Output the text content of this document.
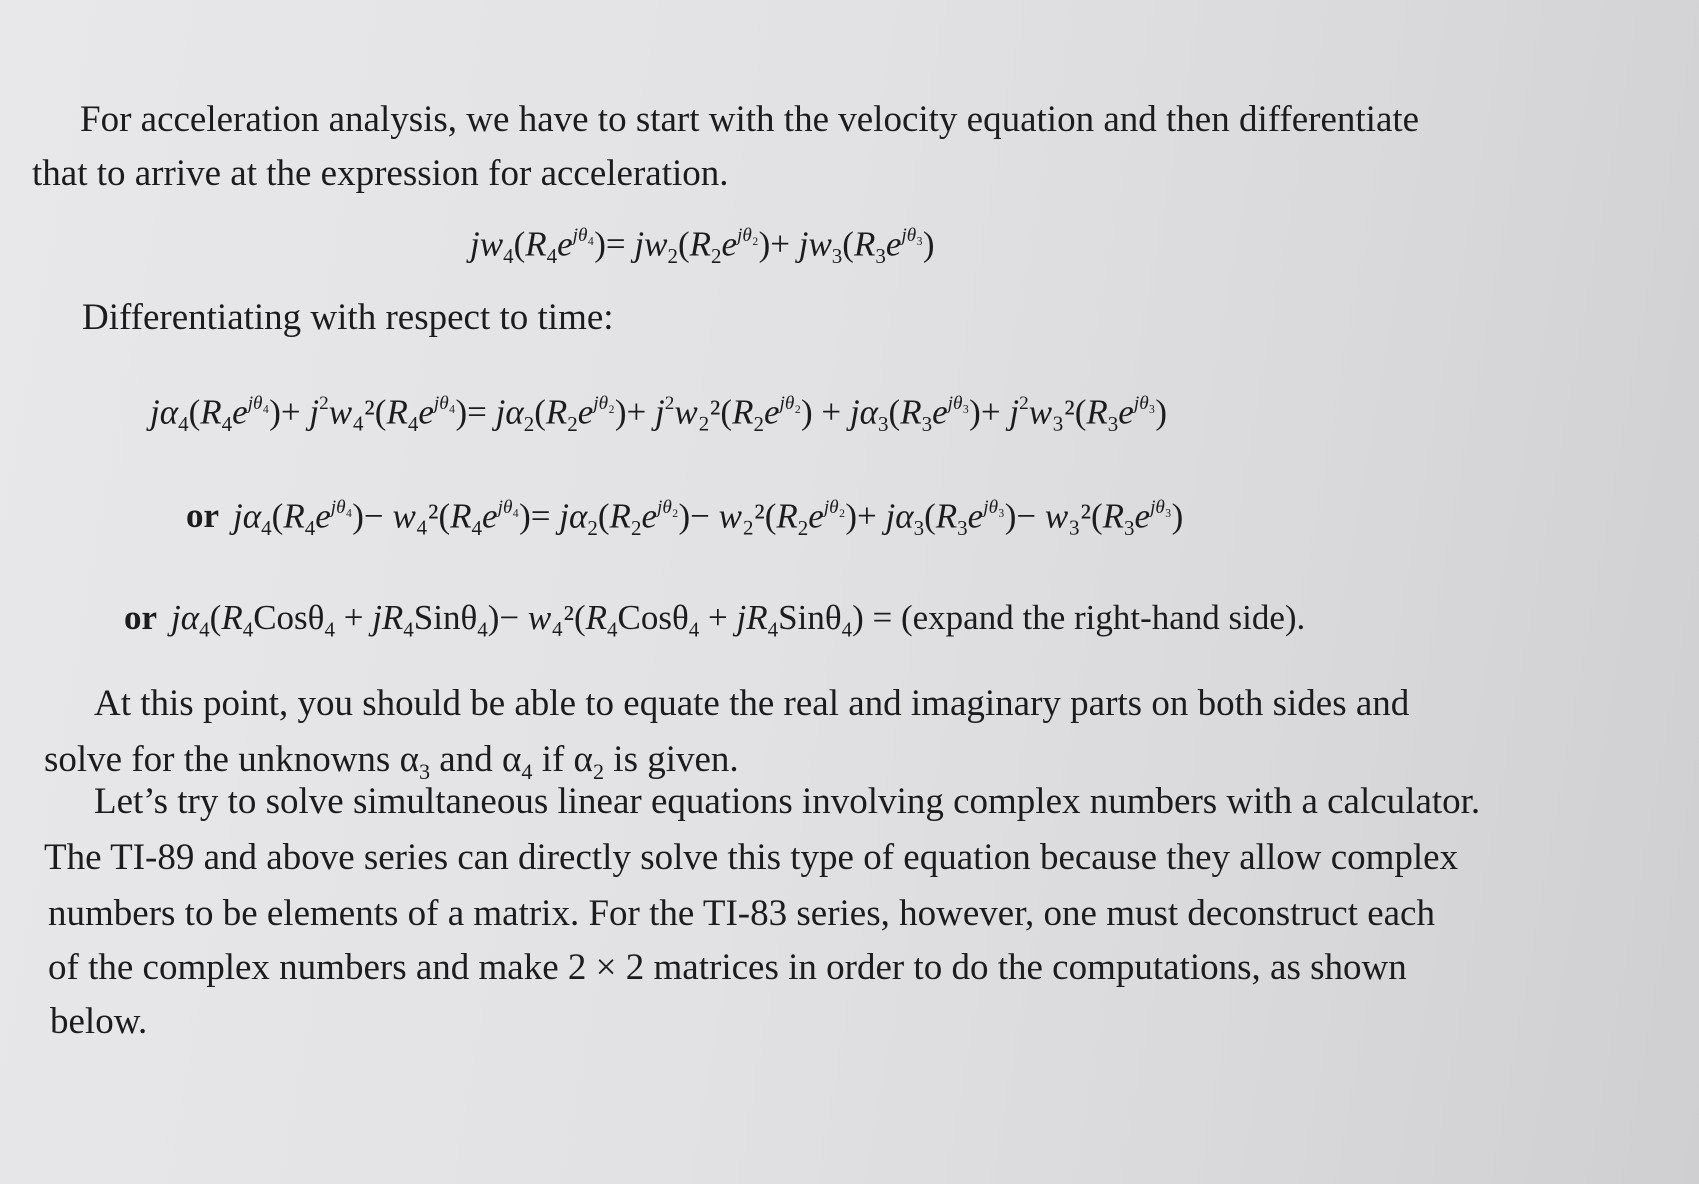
For acceleration analysis, we have to start with the velocity equation and then differentiate

that to arrive at the expression for acceleration.

$jw_4(R_4e^{j\theta_4})= jw_2(R_2e^{j\theta_2})+ jw_3(R_3e^{j\theta_3})$

Differentiating with respect to time:

$j\alpha_4(R_4e^{j\theta_4})+ j^2w_4^2(R_4e^{j\theta_4})= j\alpha_2(R_2e^{j\theta_2})+ j^2w_2^2(R_2e^{j\theta_2}) + j\alpha_3(R_3e^{j\theta_3})+ j^2w_3^2(R_3e^{j\theta_3})$
or $j\alpha_4(R_4e^{j\theta_4})- w_4^2(R_4e^{j\theta_4})= j\alpha_2(R_2e^{j\theta_2})- w_2^2(R_2e^{j\theta_2})+ j\alpha_3(R_3e^{j\theta_3})- w_3^2(R_3e^{j\theta_3})$
or $j\alpha_4(R_4Cos\theta_4 + jR_4Sin\theta_4)- w_4^2(R_4Cos\theta_4 + jR_4Sin\theta_4)$ = (expand the right-hand side).

At this point, you should be able to equate the real and imaginary parts on both sides and

solve for the unknowns $\alpha_3$ and $\alpha_4$ if $\alpha_2$ is given.

Let’s try to solve simultaneous linear equations involving complex numbers with a calculator.

The TI-89 and above series can directly solve this type of equation because they allow complex

numbers to be elements of a matrix. For the TI-83 series, however, one must deconstruct each

of the complex numbers and make 2 × 2 matrices in order to do the computations, as shown

below.
